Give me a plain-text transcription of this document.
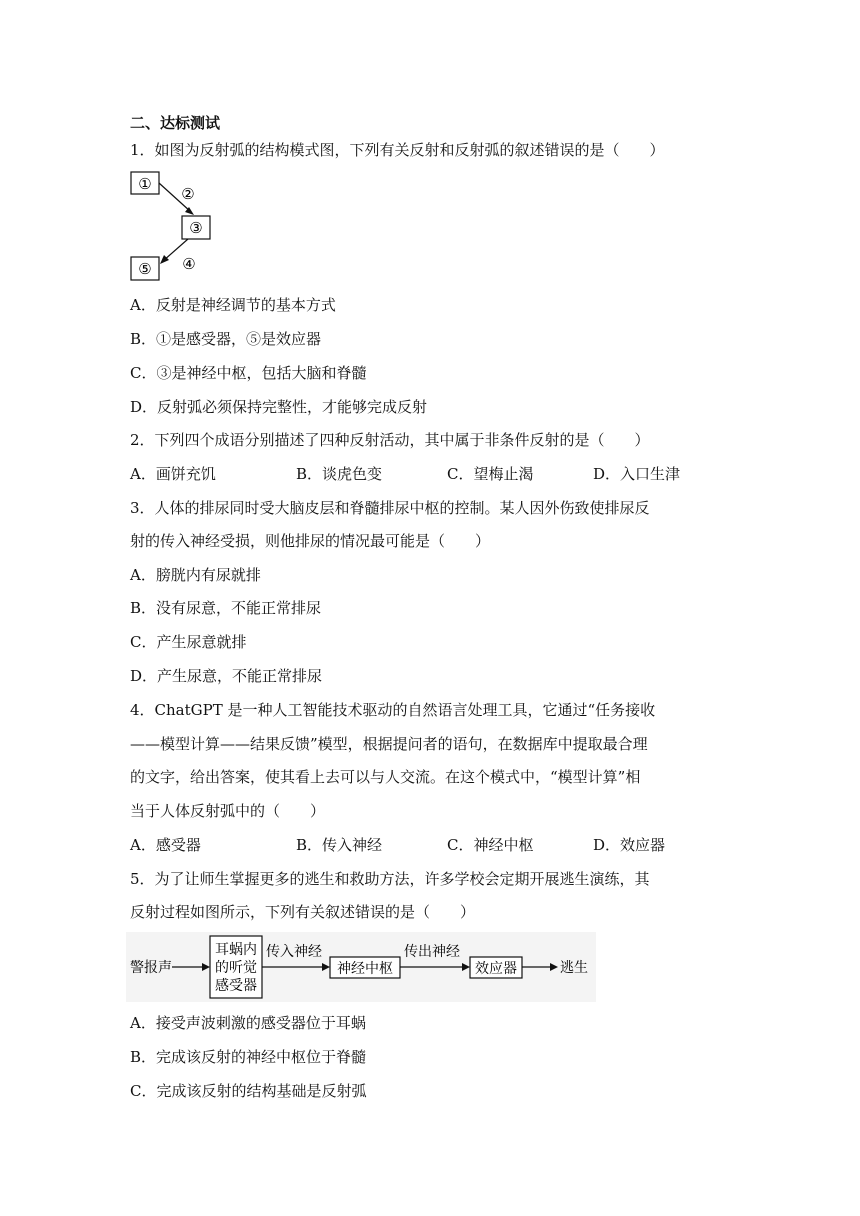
二、达标测试
1．如图为反射弧的结构模式图，下列有关反射和反射弧的叙述错误的是（　　）
①
②
③
④
⑤
A．反射是神经调节的基本方式
B．①是感受器，⑤是效应器
C．③是神经中枢，包括大脑和脊髓
D．反射弧必须保持完整性，才能够完成反射
2．下列四个成语分别描述了四种反射活动，其中属于非条件反射的是（　　）
A．画饼充饥	B．谈虎色变	C．望梅止渴	D．入口生津
3．人体的排尿同时受大脑皮层和脊髓排尿中枢的控制。某人因外伤致使排尿反
射的传入神经受损，则他排尿的情况最可能是（　　）
A．膀胱内有尿就排
B．没有尿意，不能正常排尿
C．产生尿意就排
D．产生尿意，不能正常排尿
4．ChatGPT 是一种人工智能技术驱动的自然语言处理工具，它通过“任务接收
——模型计算——结果反馈”模型，根据提问者的语句，在数据库中提取最合理
的文字，给出答案，使其看上去可以与人交流。在这个模式中，“模型计算”相
当于人体反射弧中的（　　）
A．感受器	B．传入神经	C．神经中枢	D．效应器
5．为了让师生掌握更多的逃生和救助方法，许多学校会定期开展逃生演练，其
反射过程如图所示，下列有关叙述错误的是（　　）
警报声
耳蜗内
的听觉
感受器
传入神经
神经中枢
传出神经
效应器	逃生
A．接受声波刺激的感受器位于耳蜗
B．完成该反射的神经中枢位于脊髓
C．完成该反射的结构基础是反射弧
